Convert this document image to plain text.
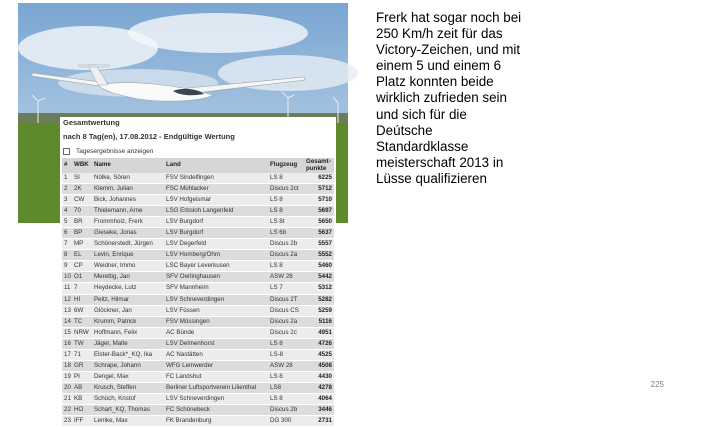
Gesamtwertung
nach 8 Tag(en), 17.08.2012 - Endgültige Wertung
Tagesergebnisse anzeigen
#	WBK	Name	Land	Flugzeug	Gesamt-punkte
1	SI	Nölke, Sören	FSV Sindelfingen	LS 8	6225
2	2K	Klemm, Julian	FSC Mühlacker	Discus 2ct	5712
3	CW	Bick, Johannes	LSV Hofgeismar	LS 8	5710
4	70	Thielemann, Arne	LSG Erbsloh Langenfeld	LS 8	5697
5	BR	Frommholz, Frerk	LSV Burgdorf	LS 8t	5650
6	BP	Gieseke, Jonas	LSV Burgdorf	LS 6b	5637
7	MP	Schönerstedt, Jürgen	LSV Degerfeld	Discus 2b	5557
8	EL	Levin, Enrique	LSV Homberg/Ohm	Discus 2a	5552
9	CP	Weidner, Immo	LSC Bayer Leverkusen	LS 8	5460
10	O1	Merettig, Jan	SFV Oerlinghausen	ASW 28	5442
11	7	Heydecke, Lutz	SFV Mannheim	LS 7	5312
12	HI	Peitz, Hilmar	LSV Schneverdingen	Discus 2T	5282
13	6W	Glöckner, Jan	LSV Füssen	Discus CS	5259
14	TC	Krumm, Patrick	FSV Mössingen	Discus 2a	5116
15	NRW	Hoffmann, Felix	AC Bünde	Discus 2c	4951
16	TW	Jäger, Malte	LSV Delmenhorst	LS 8	4726
17	71	Elster-Back*_KQ, Ika	AC Nastätten	LS-8	4525
18	GR	Schrape, Johann	WFG Lemwerder	ASW 28	4508
19	PI	Dengel, Max	FC Landshut	LS 8	4430
20	AB	Krusch, Steffen	Berliner Luftsportverein Lilienthal	LS8	4278
21	KB	Schüch, Kristof	LSV Schneverdingen	LS 8	4064
22	HO	Schart_KQ, Thomas	FC Schönebeck	Discus 2b	3446
23	IFF	Lemke, Max	FK Brandenburg	DG 300	2731
Frerk hat sogar noch bei 250 Km/h zeit für das Victory-Zeichen, und mit einem 5 und einem 6 Platz konnten beide wirklich zufrieden sein und sich für die Deútsche Standardklasse meisterschaft 2013 in Lüsse qualifizieren
225
